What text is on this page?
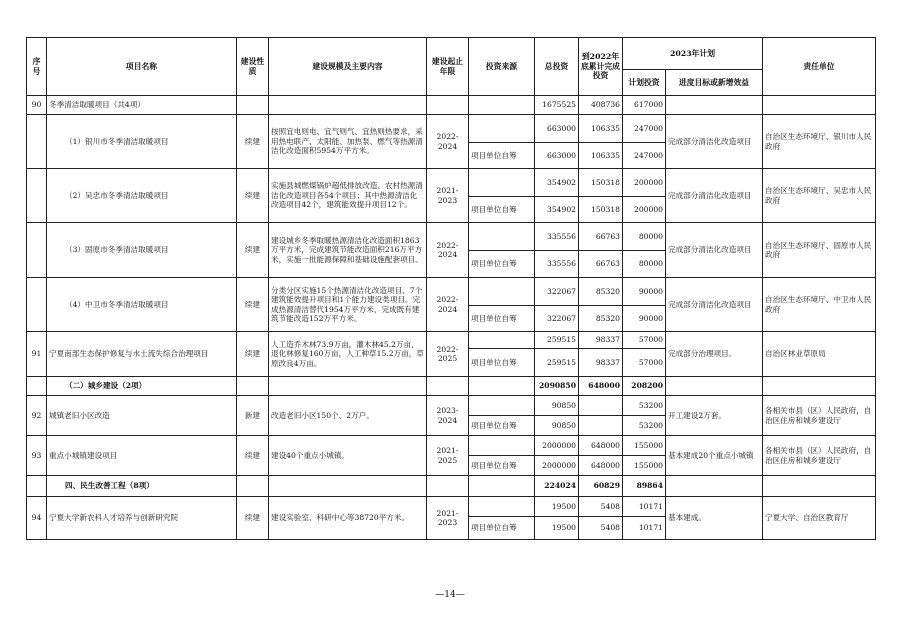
序号	项目名称	建设性质	建设规模及主要内容	建设起止年限	投资来源	总投资	到2022年底累计完成投资	2023年计划		责任单位
								计划投资	进度目标或新增效益	
90	冬季清洁取暖项目（共4项）					1675525	408736	617000		
	（1）银川市冬季清洁取暖项目	续建	按照宜电则电、宜气则气、宜热则热要求，采用热电联产、太阳能、加热泵、燃气等热源清洁化改造面积5954万平方米。	2022-2024		663000	106335	247000	完成部分清洁化改造项目	自治区生态环境厅、银川市人民政府
					项目单位自筹	663000	106335	247000		
	（2）吴忠市冬季清洁取暖项目	续建	实施县城燃煤锅炉超低排放改造、农村热源清洁化改造项目各54个项目；其中热源清洁化改造项目42个，建筑能效提升项目12个。	2021-2023		354902	150318	200000	完成部分清洁化改造项目	自治区生态环境厅、吴忠市人民政府
					项目单位自筹	354902	150318	200000		
	（3）固原市冬季清洁取暖项目	续建	建设城乡冬季取暖热源清洁化改造面积1863万平方米，完成建筑节能改造面积216万平方米，实施一批能源保障和基础设施配套项目。	2022-2024		335556	66763	80000	完成部分清洁化改造项目	自治区生态环境厅、固原市人民政府
					项目单位自筹	335556	66763	80000		
	（4）中卫市冬季清洁取暖项目	续建	分类分区实施15个热源清洁化改造项目、7个建筑能效提升项目和1个能力建设类项目。完成热源清洁替代1954万平方米，完成既有建筑节能改造152万平方米。	2022-2024		322067	85320	90000	完成部分清洁化改造项目	自治区生态环境厅、中卫市人民政府
					项目单位自筹	322067	85320	90000		
91	宁夏南部生态保护修复与水土流失综合治理项目	续建	人工造乔木林73.9万亩，灌木林45.2万亩，退化林修复160万亩，人工种草15.2万亩，草原改良4万亩。	2022-2025		259515	98337	57000	完成部分治理项目。	自治区林业草原局
					项目单位自筹	259515	98337	57000		
	（二）城乡建设（2项）					2090850	648000	208200		
92	城镇老旧小区改造	新建	改造老旧小区150个、2万户。	2023-2024		90850		53200	开工建设2万套。	各相关市县（区）人民政府，自治区住房和城乡建设厅
					项目单位自筹	90850		53200		
93	重点小城镇建设项目	续建	建设40个重点小城镇。	2021-2025		2000000	648000	155000	基本建成20个重点小城镇	各相关市县（区）人民政府，自治区住房和城乡建设厅
					项目单位自筹	2000000	648000	155000		
	四、民生改善工程（8项）					224024	60829	89864		
94	宁夏大学新农科人才培养与创新研究院	续建	建设实验室、科研中心等38720平方米。	2021-2023		19500	5408	10171	基本建成。	宁夏大学、自治区教育厅
					项目单位自筹	19500	5408	10171		
—14—
